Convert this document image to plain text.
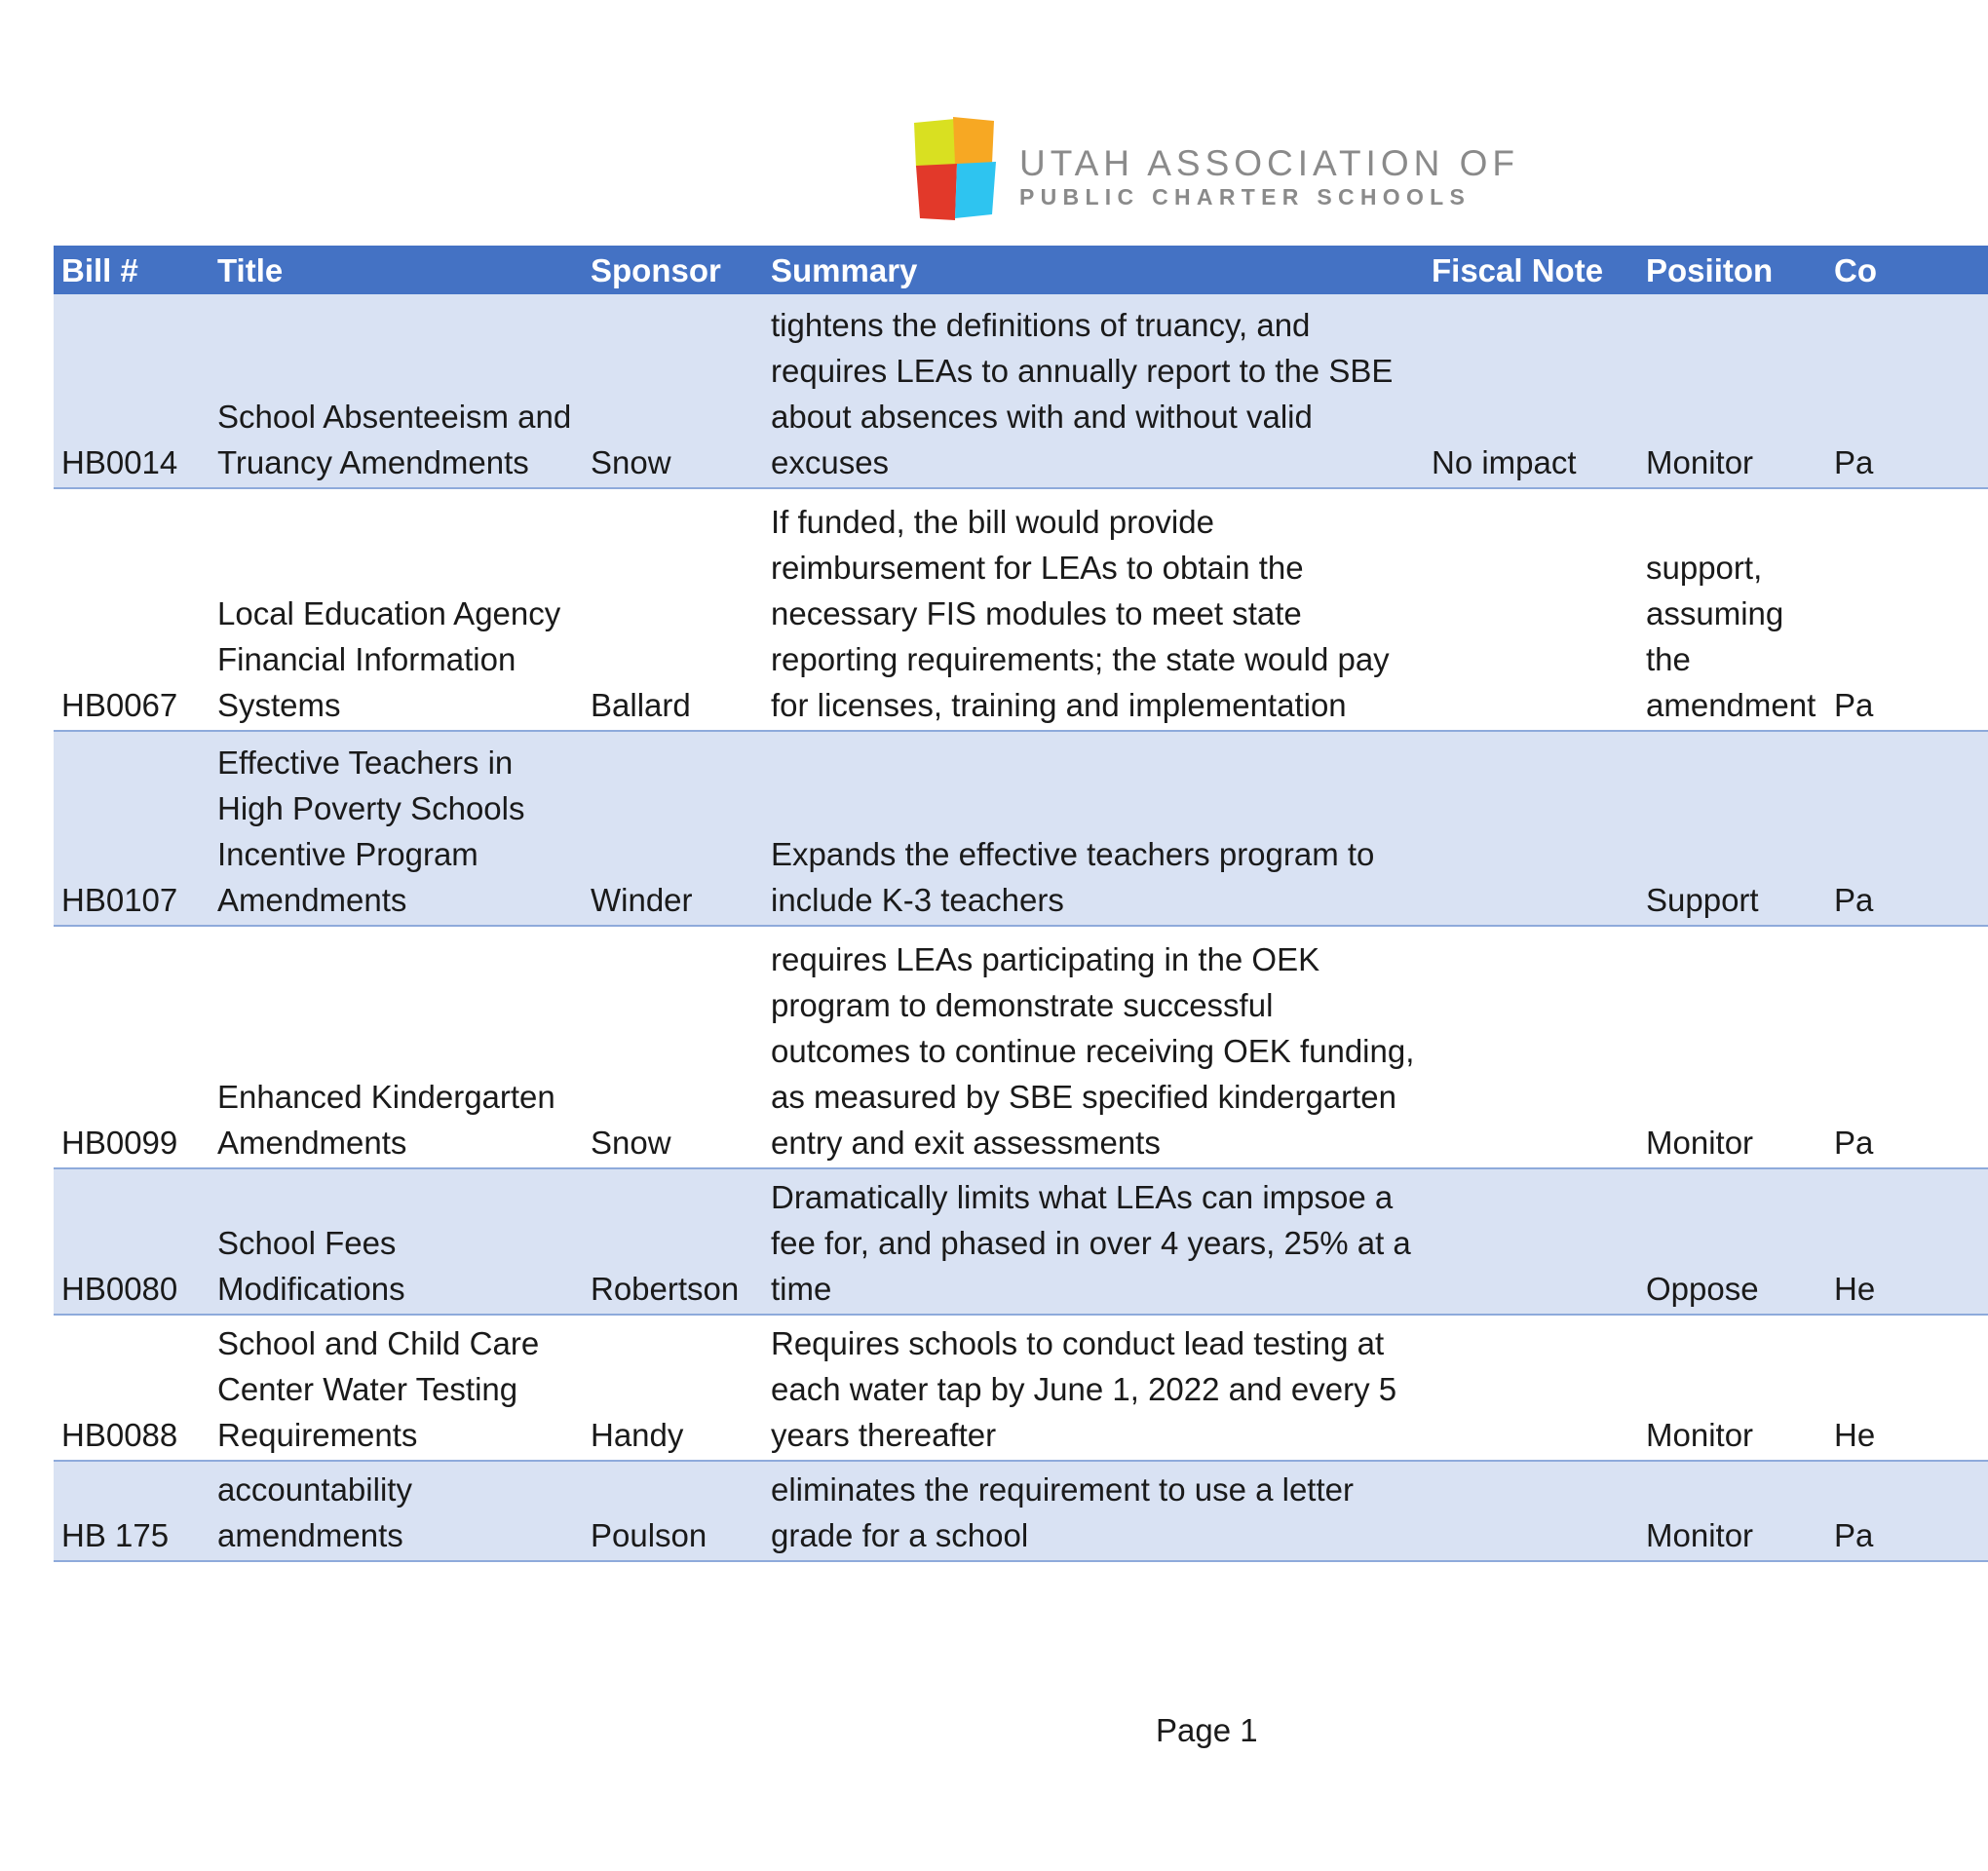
UTAH ASSOCIATION OF
PUBLIC CHARTER SCHOOLS
Bill #	Title	Sponsor	Summary	Fiscal Note	Posiiton	Co
HB0014	School Absenteeism and Truancy Amendments	Snow	tightens the definitions of truancy, and requires LEAs to annually report to the SBE about absences with and without valid excuses	No impact	Monitor	Pa
HB0067	Local Education Agency Financial Information Systems	Ballard	If funded, the bill would provide reimbursement for LEAs to obtain the necessary FIS modules to meet state reporting requirements; the state would pay for licenses, training and implementation		support, assuming the amendment	Pa
HB0107	Effective Teachers in High Poverty Schools Incentive Program Amendments	Winder	Expands the effective teachers program to include K-3 teachers		Support	Pa
HB0099	Enhanced Kindergarten Amendments	Snow	requires LEAs participating in the OEK program to demonstrate successful outcomes to continue receiving OEK funding, as measured by SBE specified kindergarten entry and exit assessments		Monitor	Pa
HB0080	School Fees Modifications	Robertson	Dramatically limits what LEAs can impsoe a fee for, and phased in over 4 years, 25% at a time		Oppose	He
HB0088	School and Child Care Center Water Testing Requirements	Handy	Requires schools to conduct lead testing at each water tap by June 1, 2022 and every 5 years thereafter		Monitor	He
HB 175	accountability amendments	Poulson	eliminates the requirement to use a letter grade for a school		Monitor	Pa
Page 1
